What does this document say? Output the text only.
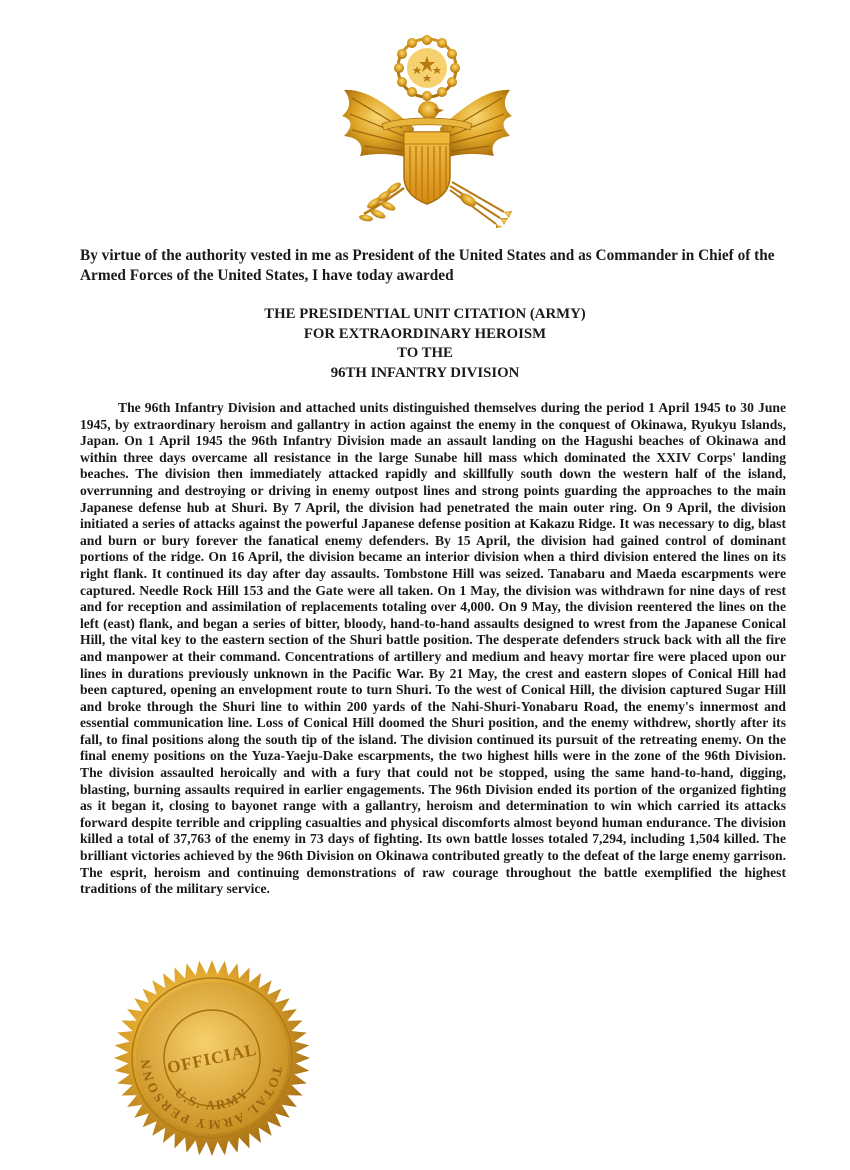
By virtue of the authority vested in me as President of the United States and as Commander in Chief of the Armed Forces of the United States, I have today awarded

THE PRESIDENTIAL UNIT CITATION (ARMY)
FOR EXTRAORDINARY HEROISM
TO THE
96TH INFANTRY DIVISION

The 96th Infantry Division and attached units distinguished themselves during the period 1 April 1945 to 30 June 1945, by extraordinary heroism and gallantry in action against the enemy in the conquest of Okinawa, Ryukyu Islands, Japan. On 1 April 1945 the 96th Infantry Division made an assault landing on the Hagushi beaches of Okinawa and within three days overcame all resistance in the large Sunabe hill mass which dominated the XXIV Corps' landing beaches. The division then immediately attacked rapidly and skillfully south down the western half of the island, overrunning and destroying or driving in enemy outpost lines and strong points guarding the approaches to the main Japanese defense hub at Shuri. By 7 April, the division had penetrated the main outer ring. On 9 April, the division initiated a series of attacks against the powerful Japanese defense position at Kakazu Ridge. It was necessary to dig, blast and burn or bury forever the fanatical enemy defenders. By 15 April, the division had gained control of dominant portions of the ridge. On 16 April, the division became an interior division when a third division entered the lines on its right flank. It continued its day after day assaults. Tombstone Hill was seized. Tanabaru and Maeda escarpments were captured. Needle Rock Hill 153 and the Gate were all taken. On 1 May, the division was withdrawn for nine days of rest and for reception and assimilation of replacements totaling over 4,000. On 9 May, the division reentered the lines on the left (east) flank, and began a series of bitter, bloody, hand-to-hand assaults designed to wrest from the Japanese Conical Hill, the vital key to the eastern section of the Shuri battle position. The desperate defenders struck back with all the fire and manpower at their command. Concentrations of artillery and medium and heavy mortar fire were placed upon our lines in durations previously unknown in the Pacific War. By 21 May, the crest and eastern slopes of Conical Hill had been captured, opening an envelopment route to turn Shuri. To the west of Conical Hill, the division captured Sugar Hill and broke through the Shuri line to within 200 yards of the Nahi-Shuri-Yonabaru Road, the enemy's innermost and essential communication line. Loss of Conical Hill doomed the Shuri position, and the enemy withdrew, shortly after its fall, to final positions along the south tip of the island. The division continued its pursuit of the retreating enemy. On the final enemy positions on the Yuza-Yaeju-Dake escarpments, the two highest hills were in the zone of the 96th Division. The division assaulted heroically and with a fury that could not be stopped, using the same hand-to-hand, digging, blasting, burning assaults required in earlier engagements. The 96th Division ended its portion of the organized fighting as it began it, closing to bayonet range with a gallantry, heroism and determination to win which carried its attacks forward despite terrible and crippling casualties and physical discomforts almost beyond human endurance. The division killed a total of 37,763 of the enemy in 73 days of fighting. Its own battle losses totaled 7,294, including 1,504 killed. The brilliant victories achieved by the 96th Division on Okinawa contributed greatly to the defeat of the large enemy garrison. The esprit, heroism and continuing demonstrations of raw courage throughout the battle exemplified the highest traditions of the military service.

TOTAL ARMY PERSONN OFFICIAL
U.S. ARMY
